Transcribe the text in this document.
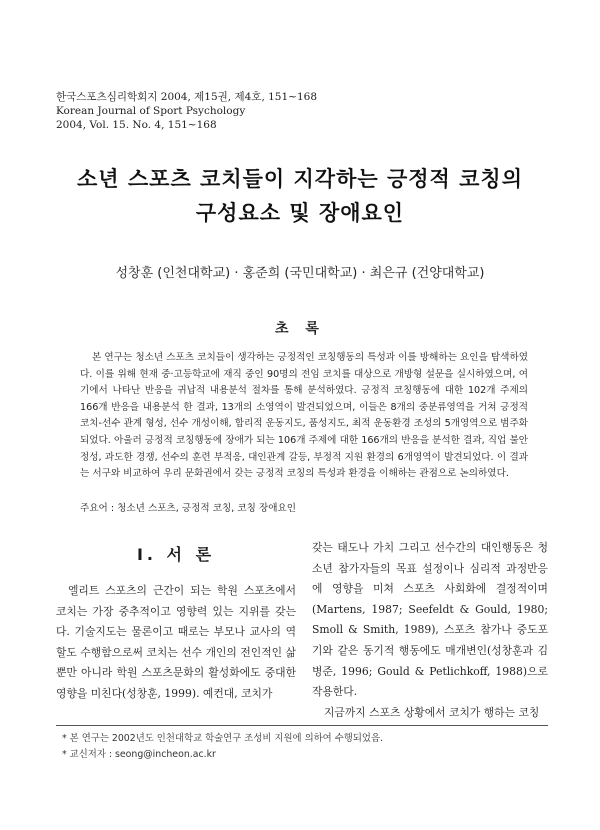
한국스포츠심리학회지 2004, 제15권, 제4호, 151∼168
Korean Journal of Sport Psychology
2004, Vol. 15. No. 4, 151∼168
소년 스포츠 코치들이 지각하는 긍정적 코칭의
구성요소 및 장애요인
성창훈 (인천대학교) · 홍준희 (국민대학교) · 최은규 (건양대학교)
초 록

본 연구는 청소년 스포츠 코치들이 생각하는 긍정적인 코칭행동의 특성과 이를 방해하는 요인을 탐색하였다. 이를 위해 현재 중·고등학교에 재직 중인 90명의 전임 코치를 대상으로 개방형 설문을 실시하였으며, 여기에서 나타난 반응을 귀납적 내용분석 절차를 통해 분석하였다. 긍정적 코칭행동에 대한 102개 주제의 166개 반응을 내용분석 한 결과, 13개의 소영역이 발견되었으며, 이들은 8개의 중분류영역을 거쳐 긍정적 코치-선수 관계 형성, 선수 개성이해, 합리적 운동지도, 품성지도, 최적 운동환경 조성의 5개영역으로 범주화되었다. 아울러 긍정적 코칭행동에 장애가 되는 106개 주제에 대한 166개의 반응을 분석한 결과, 직업 불안정성, 과도한 경쟁, 선수의 훈련 부적응, 대인관계 갈등, 부정적 지원 환경의 6개영역이 발견되었다. 이 결과는 서구와 비교하여 우리 문화권에서 갖는 긍정적 코칭의 특성과 환경을 이해하는 관점으로 논의하였다.

주요어 : 청소년 스포츠, 긍정적 코칭, 코칭 장애요인
Ⅰ. 서 론

엘리트 스포츠의 근간이 되는 학원 스포츠에서 코치는 가장 중추적이고 영향력 있는 지위를 갖는다. 기술지도는 물론이고 때로는 부모나 교사의 역할도 수행함으로써 코치는 선수 개인의 전인적인 삶뿐만 아니라 학원 스포츠문화의 활성화에도 중대한 영향을 미친다(성창훈, 1999). 예컨대, 코치가

갖는 태도나 가치 그리고 선수간의 대인행동은 청소년 참가자들의 목표 설정이나 심리적 과정반응에 영향을 미쳐 스포츠 사회화에 결정적이며 (Martens, 1987; Seefeldt & Gould, 1980; Smoll & Smith, 1989), 스포츠 참가나 중도포기와 같은 동기적 행동에도 매개변인(성창훈과 김병준, 1996; Gould & Petlichkoff, 1988)으로 작용한다.
지금까지 스포츠 상황에서 코치가 행하는 코칭
* 본 연구는 2002년도 인천대학교 학술연구 조성비 지원에 의하여 수행되었음.
* 교신저자 : seong@incheon.ac.kr
